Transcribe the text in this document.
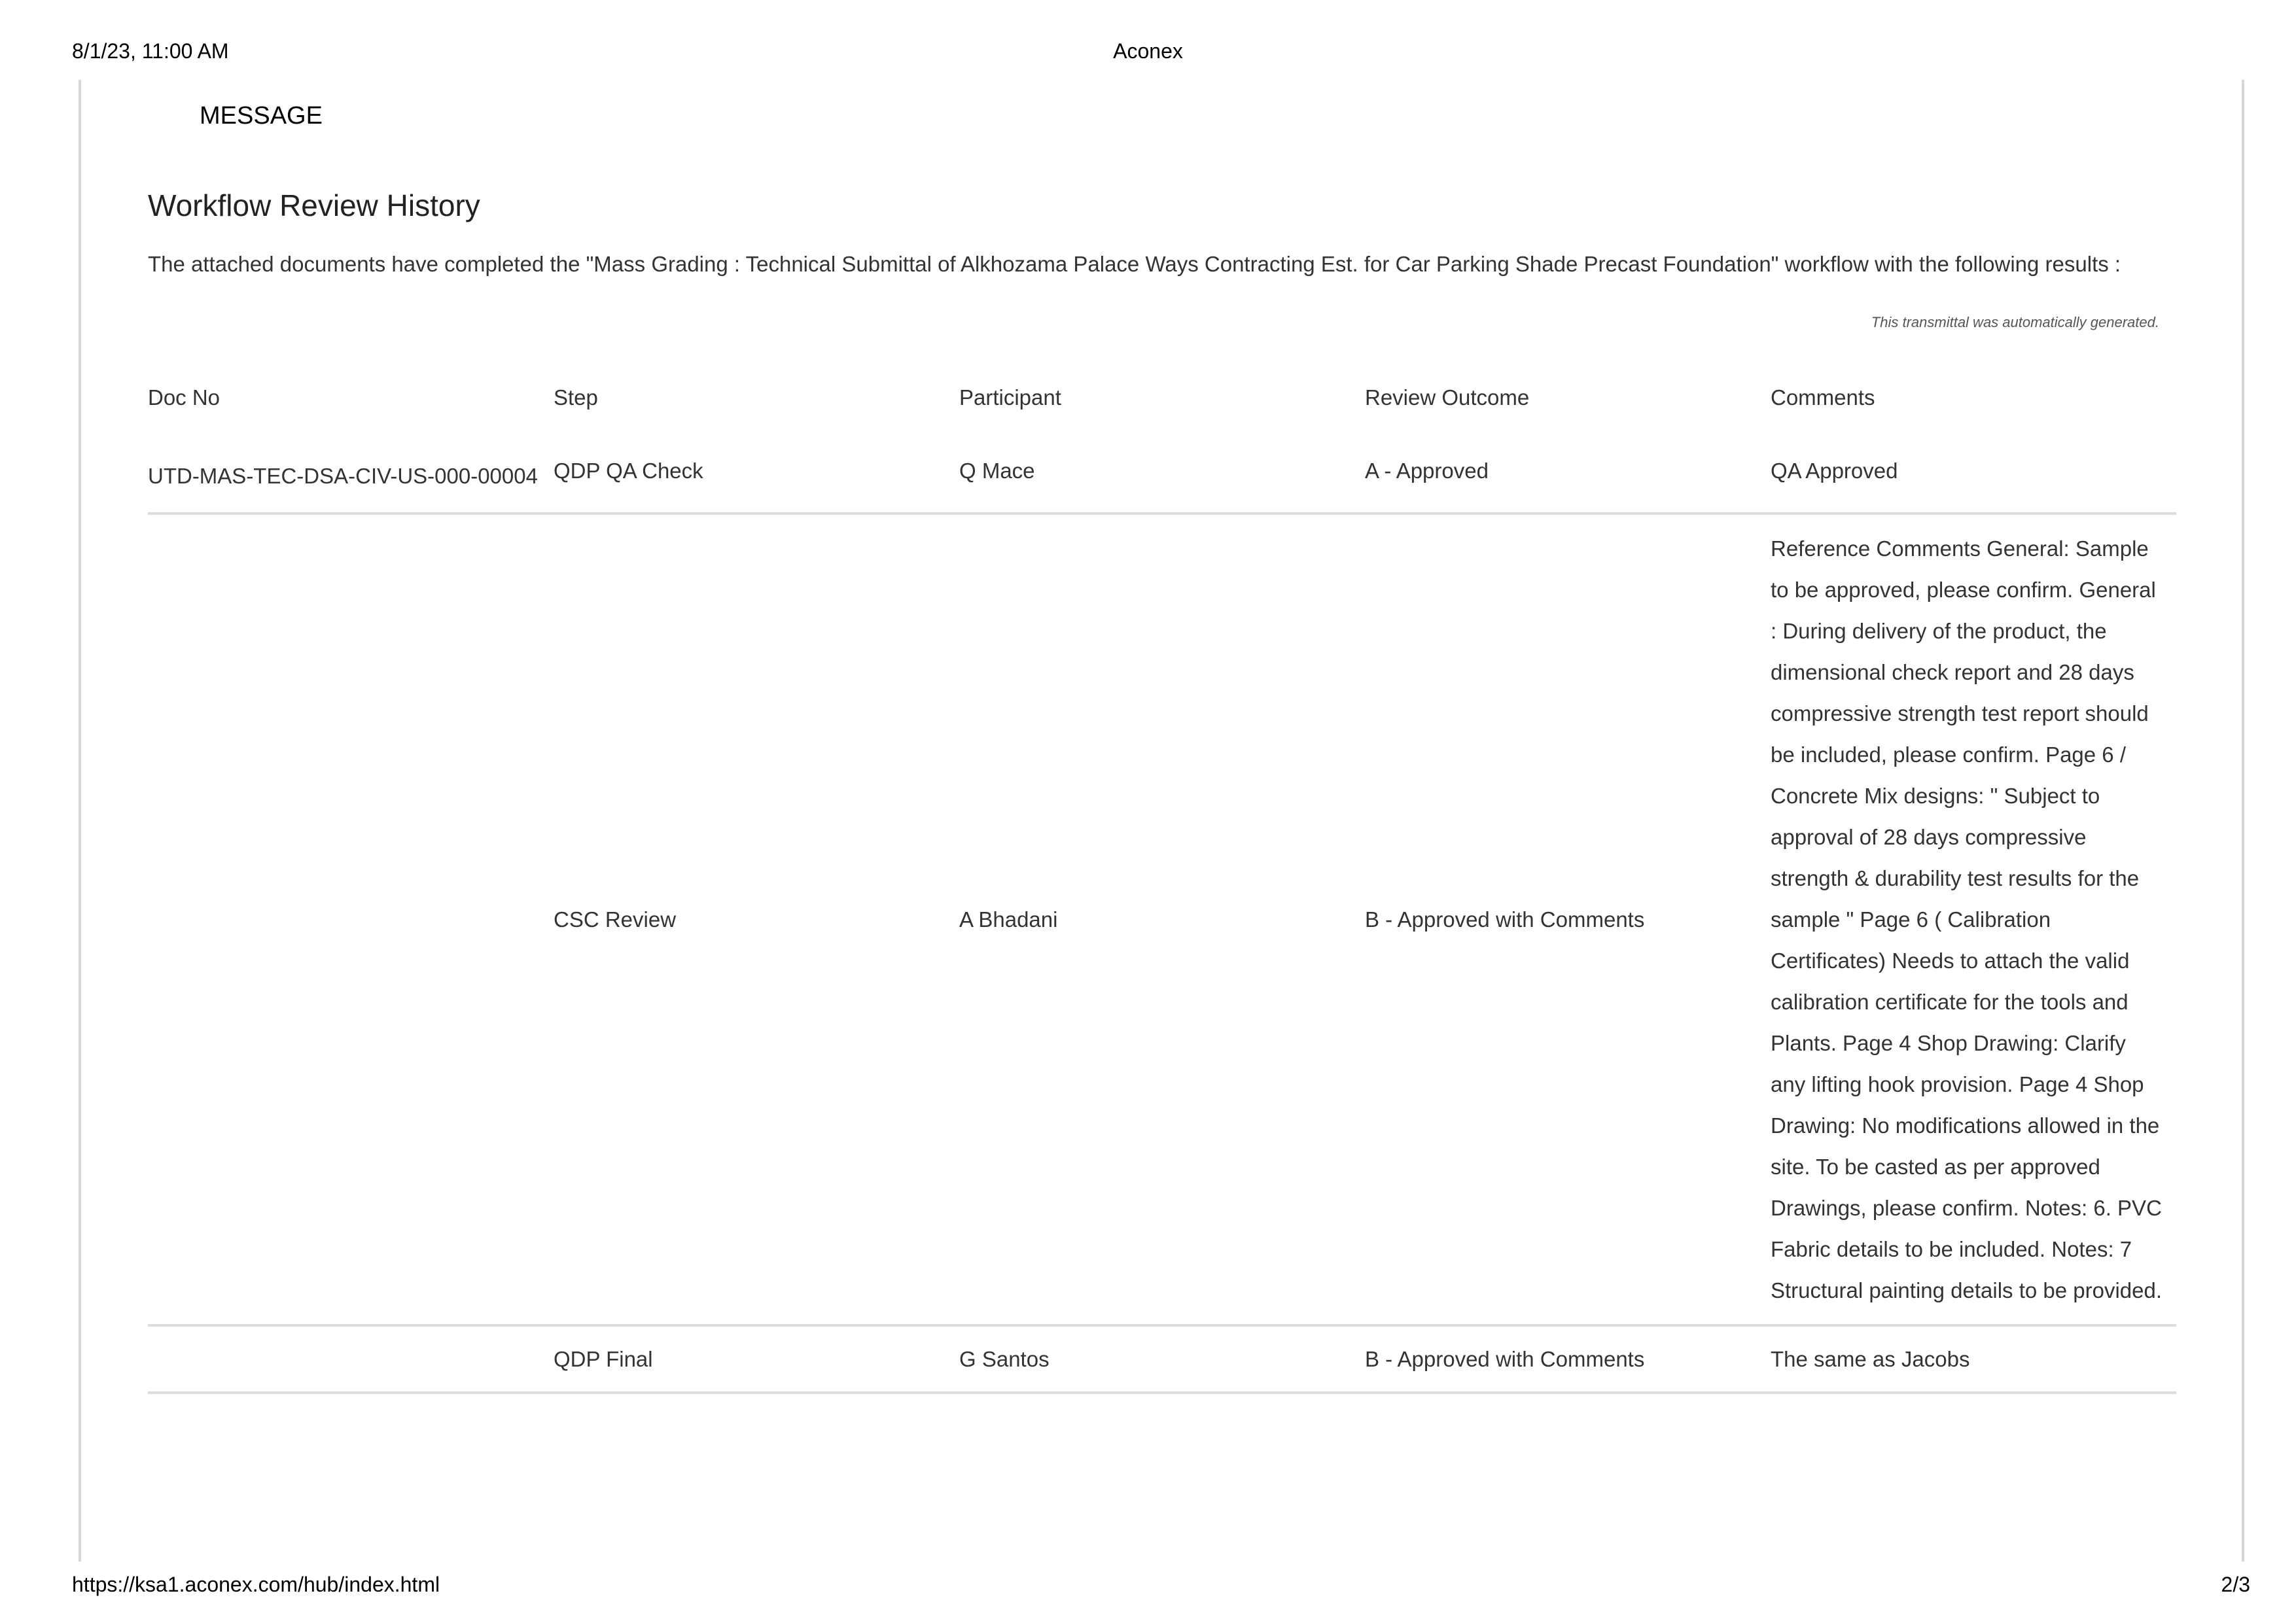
8/1/23, 11:00 AM	Aconex
MESSAGE
Workflow Review History
The attached documents have completed the "Mass Grading : Technical Submittal of Alkhozama Palace Ways Contracting Est. for Car Parking Shade Precast Foundation" workflow with the following results :
This transmittal was automatically generated.
Doc No	Step	Participant	Review Outcome	Comments
UTD-MAS-TEC-DSA-CIV-US-000-00004	QDP QA Check	Q Mace	A - Approved	QA Approved
	CSC Review	A Bhadani	B - Approved with Comments	Reference Comments General: Sample to be approved, please confirm. General : During delivery of the product, the dimensional check report and 28 days compressive strength test report should be included, please confirm. Page 6 / Concrete Mix designs: " Subject to approval of 28 days compressive strength & durability test results for the sample " Page 6 ( Calibration Certificates) Needs to attach the valid calibration certificate for the tools and Plants. Page 4 Shop Drawing: Clarify any lifting hook provision. Page 4 Shop Drawing: No modifications allowed in the site. To be casted as per approved Drawings, please confirm. Notes: 6. PVC Fabric details to be included. Notes: 7 Structural painting details to be provided.
	QDP Final	G Santos	B - Approved with Comments	The same as Jacobs
https://ksa1.aconex.com/hub/index.html	2/3
